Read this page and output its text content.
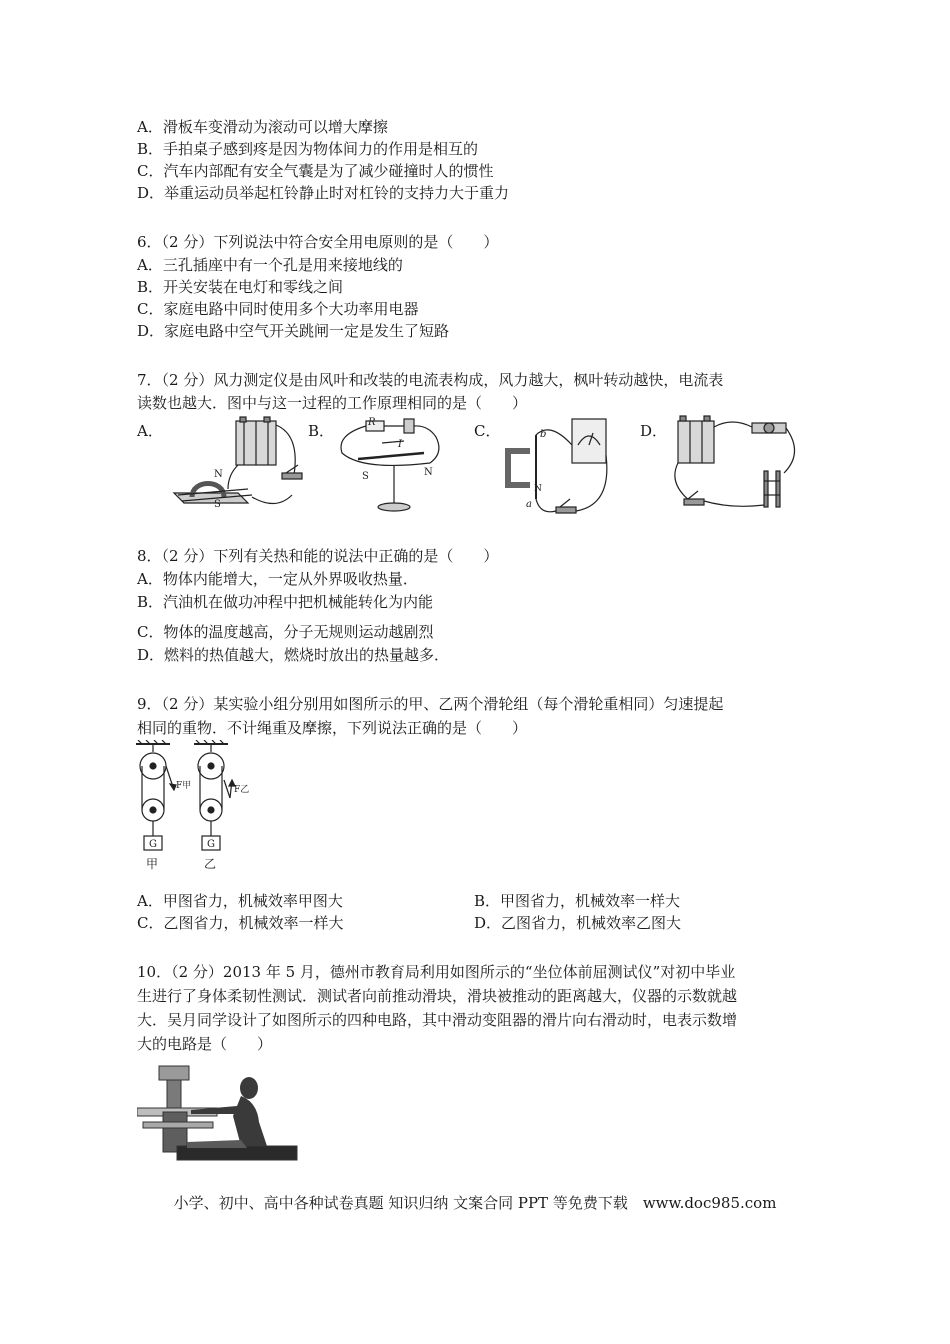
A．滑板车变滑动为滚动可以增大摩擦
B．手拍桌子感到疼是因为物体间力的作用是相互的
C．汽车内部配有安全气囊是为了减少碰撞时人的惯性
D．举重运动员举起杠铃静止时对杠铃的支持力大于重力
6．（2 分）下列说法中符合安全用电原则的是（　　）
A．三孔插座中有一个孔是用来接地线的
B．开关安装在电灯和零线之间
C．家庭电路中同时使用多个大功率用电器
D．家庭电路中空气开关跳闸一定是发生了短路
7．（2 分）风力测定仪是由风叶和改装的电流表构成，风力越大，枫叶转动越快，电流表
读数也越大．图中与这一过程的工作原理相同的是（　　）
A．	B．	C．	D．
N
S
R
I
N
S
b
a
N
8．（2 分）下列有关热和能的说法中正确的是（　　）
A．物体内能增大，一定从外界吸收热量．
B．汽油机在做功冲程中把机械能转化为内能
C．物体的温度越高，分子无规则运动越剧烈
D．燃料的热值越大，燃烧时放出的热量越多．
9．（2 分）某实验小组分别用如图所示的甲、乙两个滑轮组（每个滑轮重相同）匀速提起
相同的重物．不计绳重及摩擦，下列说法正确的是（　　）
F甲	F乙
G	G
甲	乙
A．甲图省力，机械效率甲图大	B．甲图省力，机械效率一样大
C．乙图省力，机械效率一样大	D．乙图省力，机械效率乙图大
10．（2 分）2013 年 5 月，德州市教育局利用如图所示的“坐位体前屈测试仪”对初中毕业
生进行了身体柔韧性测试．测试者向前推动滑块，滑块被推动的距离越大，仪器的示数就越
大．吴月同学设计了如图所示的四种电路，其中滑动变阻器的滑片向右滑动时，电表示数增
大的电路是（　　）
小学、初中、高中各种试卷真题 知识归纳 文案合同 PPT 等免费下载　www.doc985.com
